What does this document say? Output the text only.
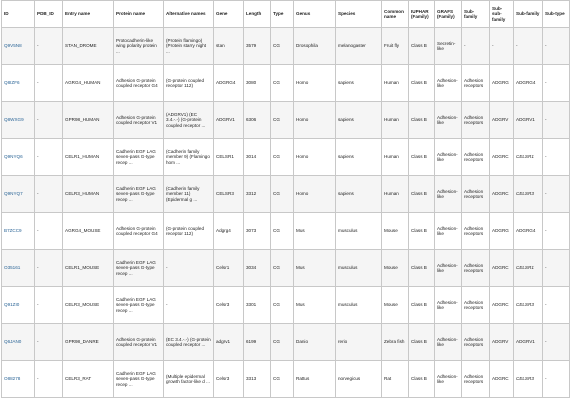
ID	PDB_ID	Entry name	Protein name	Alternative names	Gene	Length	Type	Genus	Species	Common name	IUPHAR (Family)	GRAFS (Family)	Sub-family	Sub-sub-family	Sub-family	Sub-type
Q9V5N8	-	STAN_DROME	Protocadherin-like wing polarity protein ...	(Protein flamingo) (Protein starry night ...	stan	3579	CG	Drosophila	melanogaster	Fruit fly	Class B	Secretin-like	-	-	-	-
Q8IZF6	-	AGRG4_HUMAN	Adhesion G-protein coupled receptor G4	(G-protein coupled receptor 112)	ADGRG4	3080	CG	Homo	sapiens	Human	Class B	Adhesion-like	Adhesion receptors	ADGRG	ADGRG4	-
Q8WXG9	-	GPR98_HUMAN	Adhesion G-protein coupled receptor V1	(ADGRV1) (EC 3.4.-.-) (G-protein coupled receptor ...	ADGRV1	6306	CG	Homo	sapiens	Human	Class B	Adhesion-like	Adhesion receptors	ADGRV	ADGRV1	-
Q9NYQ6	-	CELR1_HUMAN	Cadherin EGF LAG seven-pass G-type recep ...	(Cadherin family member 9) (Flamingo hom ...	CELSR1	3014	CG	Homo	sapiens	Human	Class B	Adhesion-like	Adhesion receptors	ADGRC	CELSR1	-
Q9NYQ7	-	CELR3_HUMAN	Cadherin EGF LAG seven-pass G-type recep ...	(Cadherin family member 11) (Epidermal g ...	CELSR3	3312	CG	Homo	sapiens	Human	Class B	Adhesion-like	Adhesion receptors	ADGRC	CELSR3	-
B7ZCC9	-	AGRG4_MOUSE	Adhesion G-protein coupled receptor G4	(G-protein coupled receptor 112)	Adgrg4	3073	CG	Mus	musculus	Mouse	Class B	Adhesion-like	Adhesion receptors	ADGRG	ADGRG4	-
O35161	-	CELR1_MOUSE	Cadherin EGF LAG seven-pass G-type recep ...	-	Celsr1	3034	CG	Mus	musculus	Mouse	Class B	Adhesion-like	Adhesion receptors	ADGRC	CELSR1	-
Q91ZI0	-	CELR3_MOUSE	Cadherin EGF LAG seven-pass G-type recep ...	-	Celsr3	3301	CG	Mus	musculus	Mouse	Class B	Adhesion-like	Adhesion receptors	ADGRC	CELSR3	-
Q6JAN0	-	GPR98_DANRE	Adhesion G-protein coupled receptor V1	(EC 3.4.-.-) (G-protein coupled receptor ...	adgrv1	6199	CG	Danio	rerio	Zebra fish	Class B	Adhesion-like	Adhesion receptors	ADGRV	ADGRV1	-
O88278	-	CELR3_RAT	Cadherin EGF LAG seven-pass G-type recep ...	(Multiple epidermal growth factor-like d ...	Celsr3	3313	CG	Rattus	norvegicus	Rat	Class B	Adhesion-like	Adhesion receptors	ADGRC	CELSR3	-
